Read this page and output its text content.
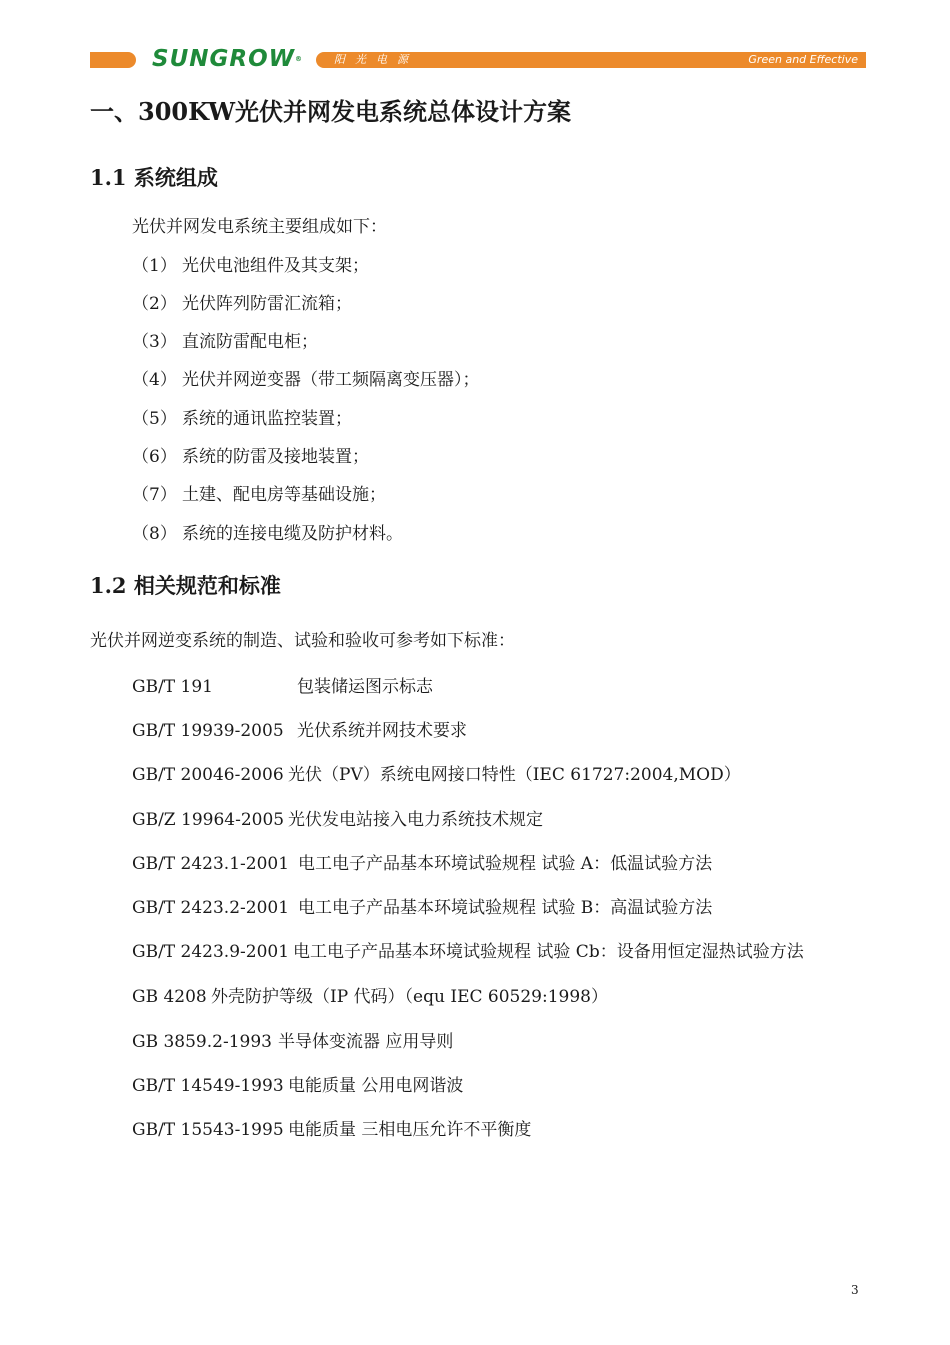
SUNGROW®	阳光电源	Green and Effective
一、300KW光伏并网发电系统总体设计方案
1.1 系统组成
光伏并网发电系统主要组成如下：
（1） 光伏电池组件及其支架；
（2） 光伏阵列防雷汇流箱；
（3） 直流防雷配电柜；
（4） 光伏并网逆变器（带工频隔离变压器）；
（5） 系统的通讯监控装置；
（6） 系统的防雷及接地装置；
（7） 土建、配电房等基础设施；
（8） 系统的连接电缆及防护材料。
1.2 相关规范和标准
光伏并网逆变系统的制造、试验和验收可参考如下标准：
GB/T 191	包装储运图示标志
GB/T 19939-2005 光伏系统并网技术要求
GB/T 20046-2006 光伏（PV）系统电网接口特性（IEC 61727:2004,MOD）
GB/Z 19964-2005 光伏发电站接入电力系统技术规定
GB/T 2423.1-2001 电工电子产品基本环境试验规程 试验 A：低温试验方法
GB/T 2423.2-2001 电工电子产品基本环境试验规程 试验 B：高温试验方法
GB/T 2423.9-2001 电工电子产品基本环境试验规程 试验 Cb：设备用恒定湿热试验方法
GB 4208 外壳防护等级（IP 代码）（equ IEC 60529:1998）
GB 3859.2-1993 半导体变流器 应用导则
GB/T 14549-1993 电能质量 公用电网谐波
GB/T 15543-1995 电能质量 三相电压允许不平衡度
3
